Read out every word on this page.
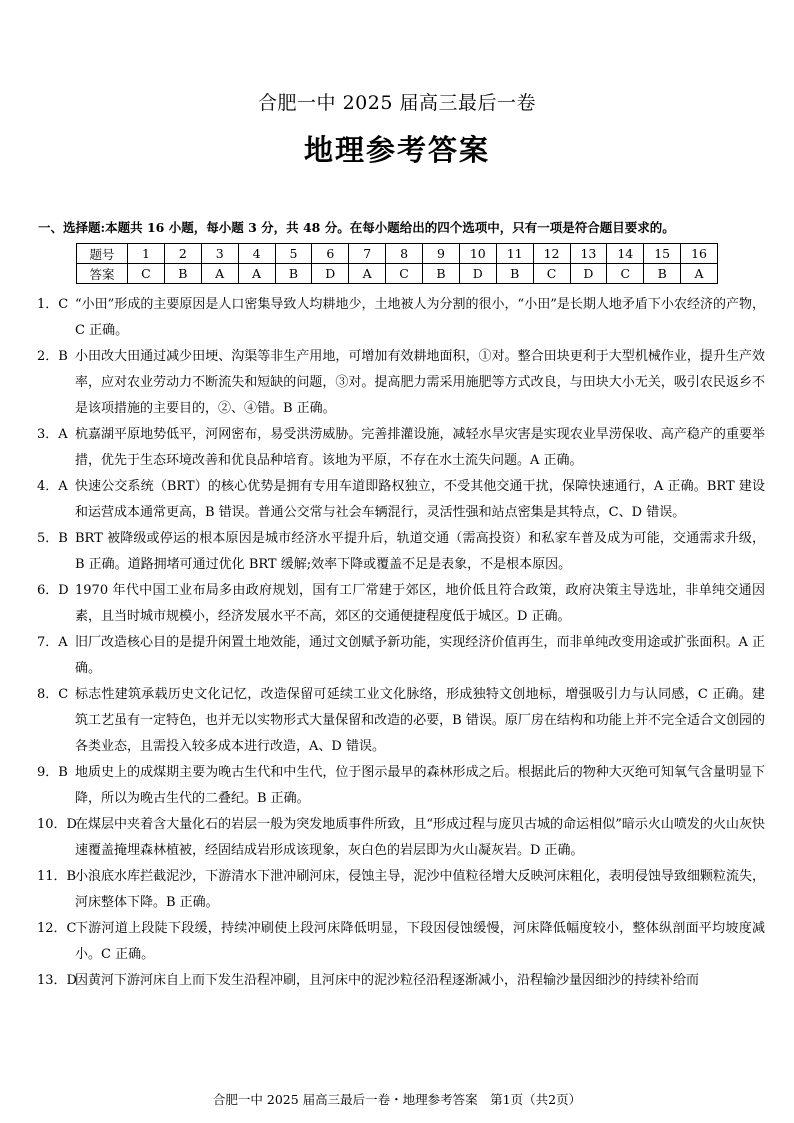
合肥一中 2025 届高三最后一卷
地理参考答案
一、选择题:本题共 16 小题，每小题 3 分，共 48 分。在每小题给出的四个选项中，只有一项是符合题目要求的。
题号	1	2	3	4	5	6	7	8	9	10	11	12	13	14	15	16
答案	C	B	A	A	B	D	A	C	B	D	B	C	D	C	B	A
1．C “小田”形成的主要原因是人口密集导致人均耕地少，土地被人为分割的很小，“小田”是长期人地矛盾下小农经济的产物，C 正确。
2．B 小田改大田通过减少田埂、沟渠等非生产用地，可增加有效耕地面积，①对。整合田块更利于大型机械作业，提升生产效率，应对农业劳动力不断流失和短缺的问题，③对。提高肥力需采用施肥等方式改良，与田块大小无关，吸引农民返乡不是该项措施的主要目的，②、④错。B 正确。
3．A 杭嘉湖平原地势低平，河网密布，易受洪涝威胁。完善排灌设施，减轻水旱灾害是实现农业旱涝保收、高产稳产的重要举措，优先于生态环境改善和优良品种培育。该地为平原，不存在水土流失问题。A 正确。
4．A 快速公交系统（BRT）的核心优势是拥有专用车道即路权独立，不受其他交通干扰，保障快速通行，A 正确。BRT 建设和运营成本通常更高，B 错误。普通公交常与社会车辆混行，灵活性强和站点密集是其特点，C、D 错误。
5．B BRT 被降级或停运的根本原因是城市经济水平提升后，轨道交通（需高投资）和私家车普及成为可能，交通需求升级，B 正确。道路拥堵可通过优化 BRT 缓解;效率下降或覆盖不足是表象，不是根本原因。
6．D 1970 年代中国工业布局多由政府规划，国有工厂常建于郊区，地价低且符合政策，政府决策主导选址，非单纯交通因素，且当时城市规模小，经济发展水平不高，郊区的交通便捷程度低于城区。D 正确。
7．A 旧厂改造核心目的是提升闲置土地效能，通过文创赋予新功能，实现经济价值再生，而非单纯改变用途或扩张面积。A 正确。
8．C 标志性建筑承载历史文化记忆，改造保留可延续工业文化脉络，形成独特文创地标，增强吸引力与认同感，C 正确。建筑工艺虽有一定特色，也并无以实物形式大量保留和改造的必要，B 错误。原厂房在结构和功能上并不完全适合文创园的各类业态，且需投入较多成本进行改造，A、D 错误。
9．B 地质史上的成煤期主要为晚古生代和中生代，位于图示最早的森林形成之后。根据此后的物种大灭绝可知氧气含量明显下降，所以为晚古生代的二叠纪。B 正确。
10．D
在煤层中夹着含大量化石的岩层一般为突发地质事件所致，且“形成过程与庞贝古城的命运相似”暗示火山喷发的火山灰快速覆盖掩埋森林植被，经固结成岩形成该现象，灰白色的岩层即为火山凝灰岩。D 正确。
11．B
小浪底水库拦截泥沙，下游清水下泄冲刷河床，侵蚀主导，泥沙中值粒径增大反映河床粗化，表明侵蚀导致细颗粒流失，河床整体下降。B 正确。
12．C
下游河道上段陡下段缓，持续冲刷使上段河床降低明显，下段因侵蚀缓慢，河床降低幅度较小，整体纵剖面平均坡度减小。C 正确。
13．D
因黄河下游河床自上而下发生沿程冲刷，且河床中的泥沙粒径沿程逐渐减小，沿程输沙量因细沙的持续补给而
合肥一中 2025 届高三最后一卷・地理参考答案　第1页（共2页）
